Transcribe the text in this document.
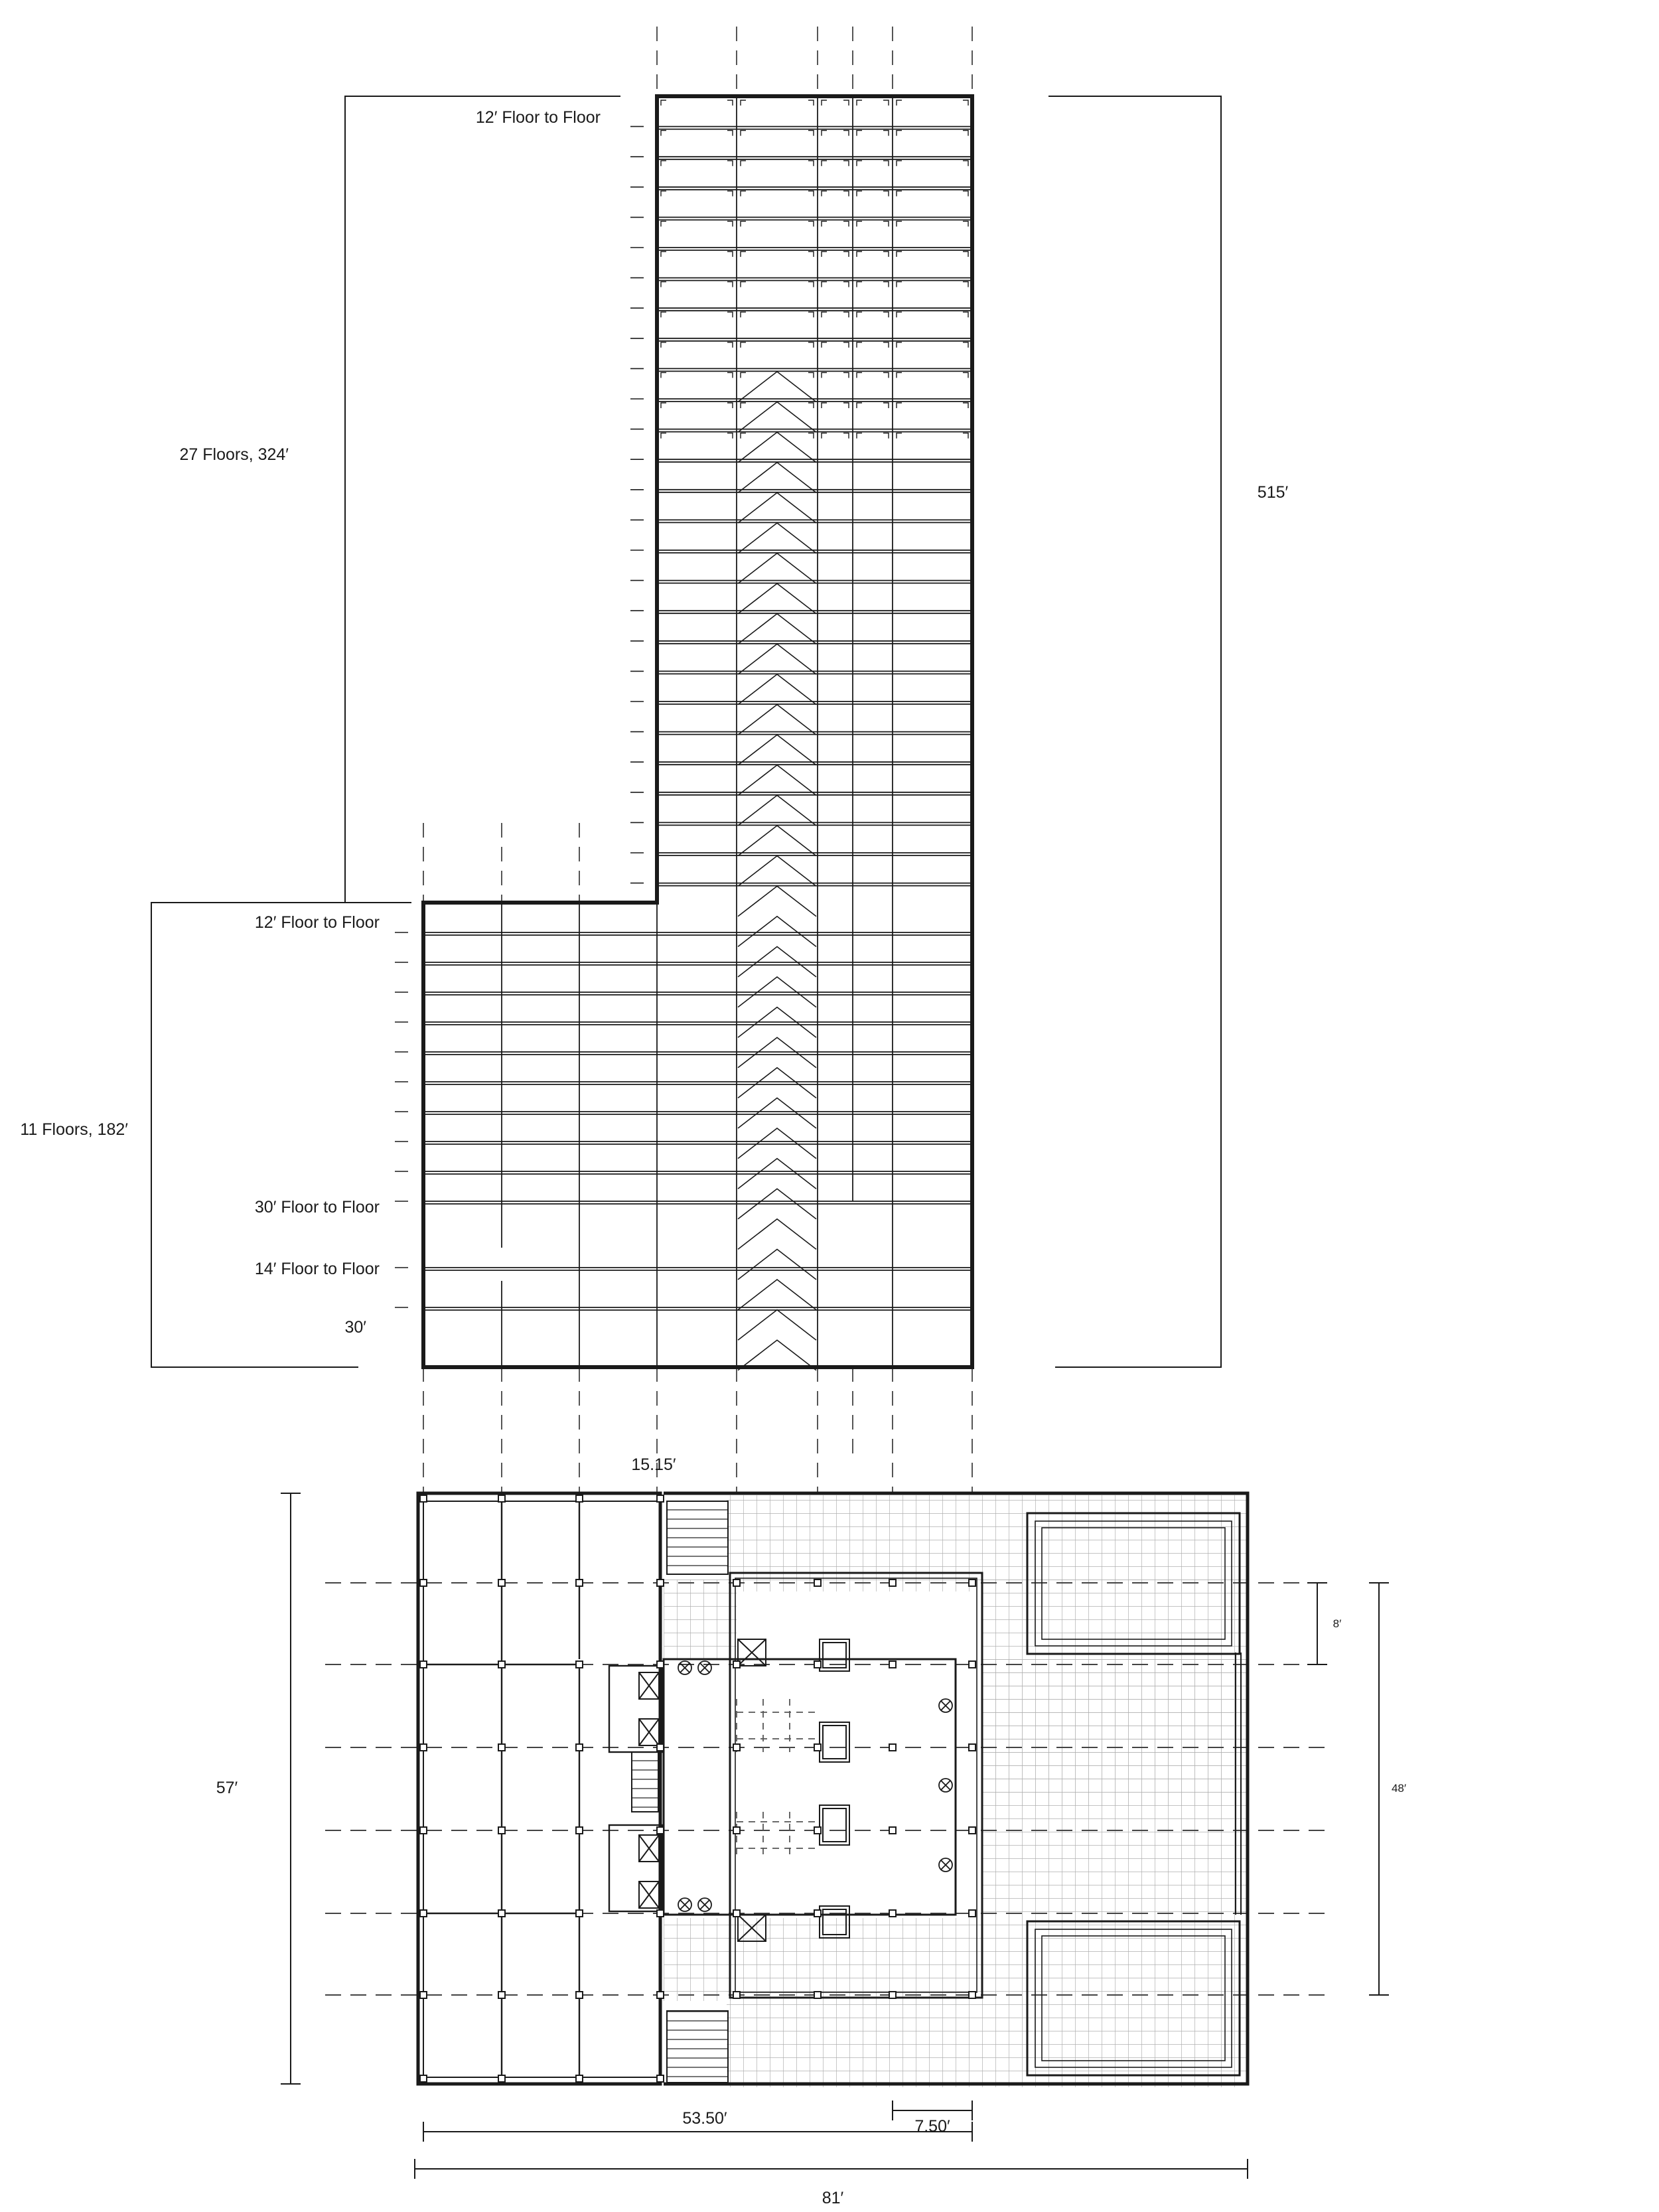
12′ Floor to Floor
27 Floors, 324′
515′
12′ Floor to Floor
11 Floors, 182′
30′ Floor to Floor
14′ Floor to Floor
30′
15.15′
57′
8′
48′
53.50′	7.50′
81′
